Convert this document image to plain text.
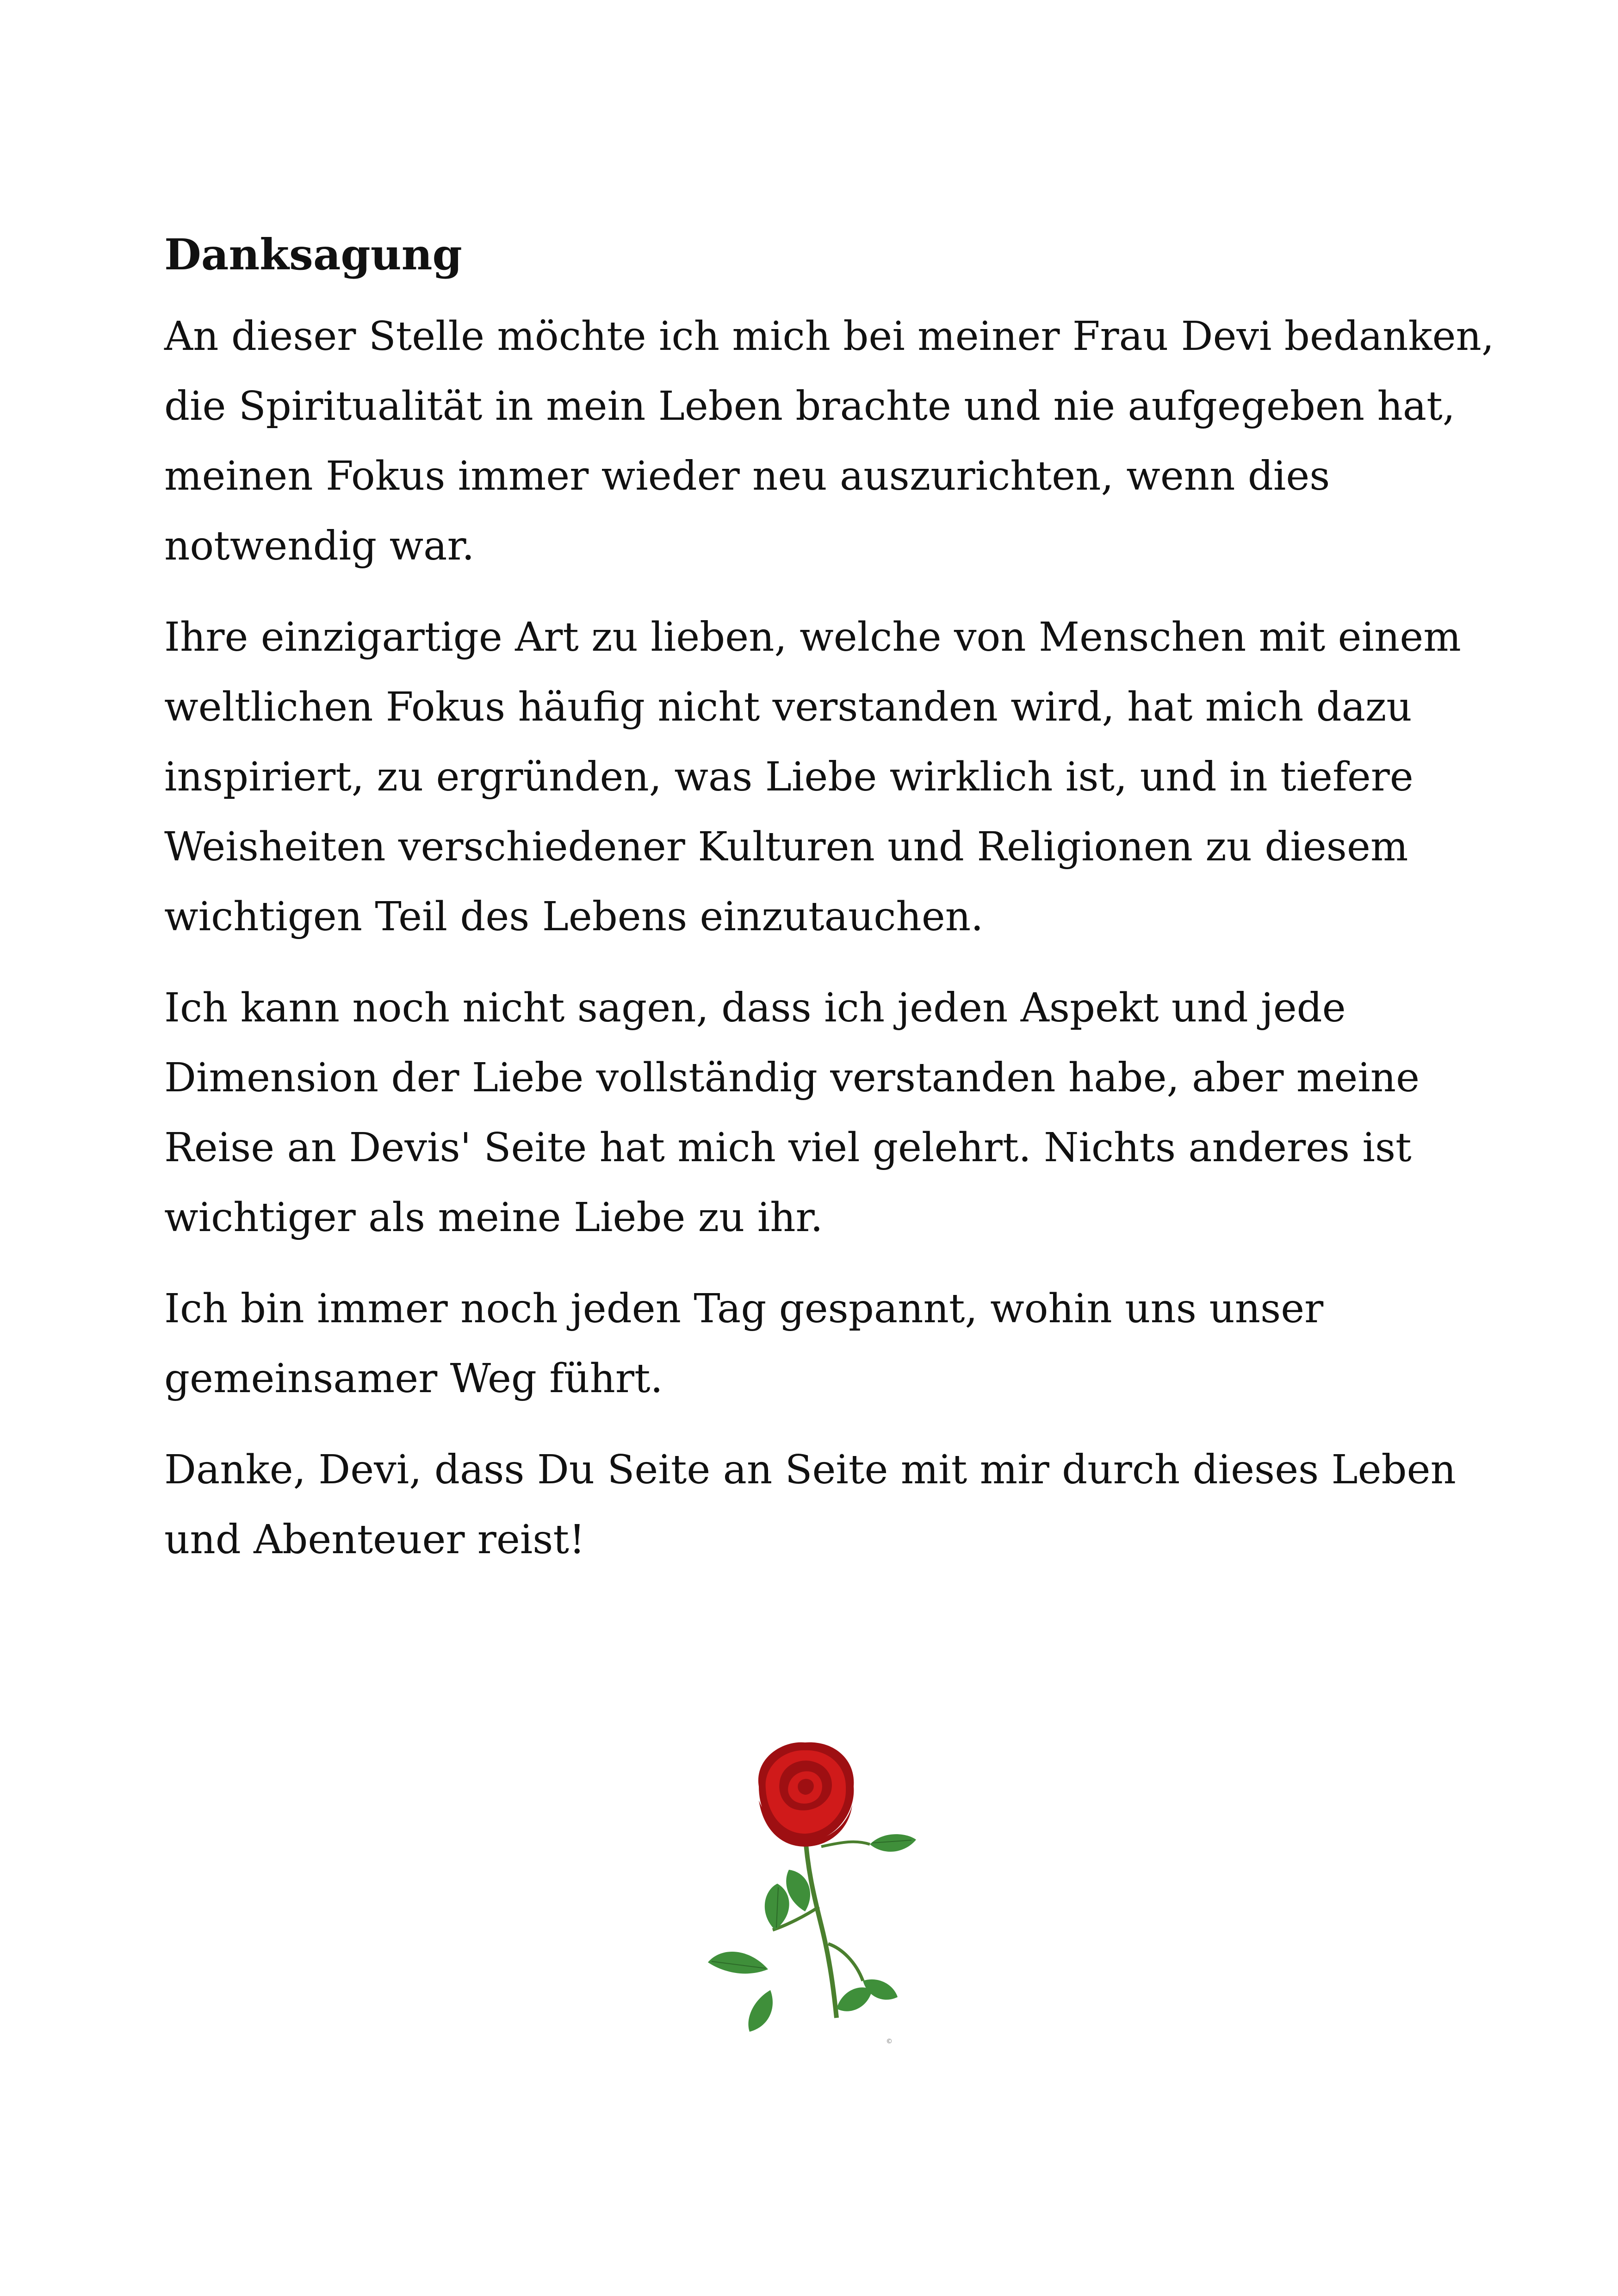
Danksagung

An dieser Stelle möchte ich mich bei meiner Frau Devi bedanken,
die Spiritualität in mein Leben brachte und nie aufgegeben hat,
meinen Fokus immer wieder neu auszurichten, wenn dies
notwendig war.

Ihre einzigartige Art zu lieben, welche von Menschen mit einem
weltlichen Fokus häufig nicht verstanden wird, hat mich dazu
inspiriert, zu ergründen, was Liebe wirklich ist, und in tiefere
Weisheiten verschiedener Kulturen und Religionen zu diesem
wichtigen Teil des Lebens einzutauchen.

Ich kann noch nicht sagen, dass ich jeden Aspekt und jede
Dimension der Liebe vollständig verstanden habe, aber meine
Reise an Devis' Seite hat mich viel gelehrt. Nichts anderes ist
wichtiger als meine Liebe zu ihr.

Ich bin immer noch jeden Tag gespannt, wohin uns unser
gemeinsamer Weg führt.

Danke, Devi, dass Du Seite an Seite mit mir durch dieses Leben
und Abenteuer reist!

©
